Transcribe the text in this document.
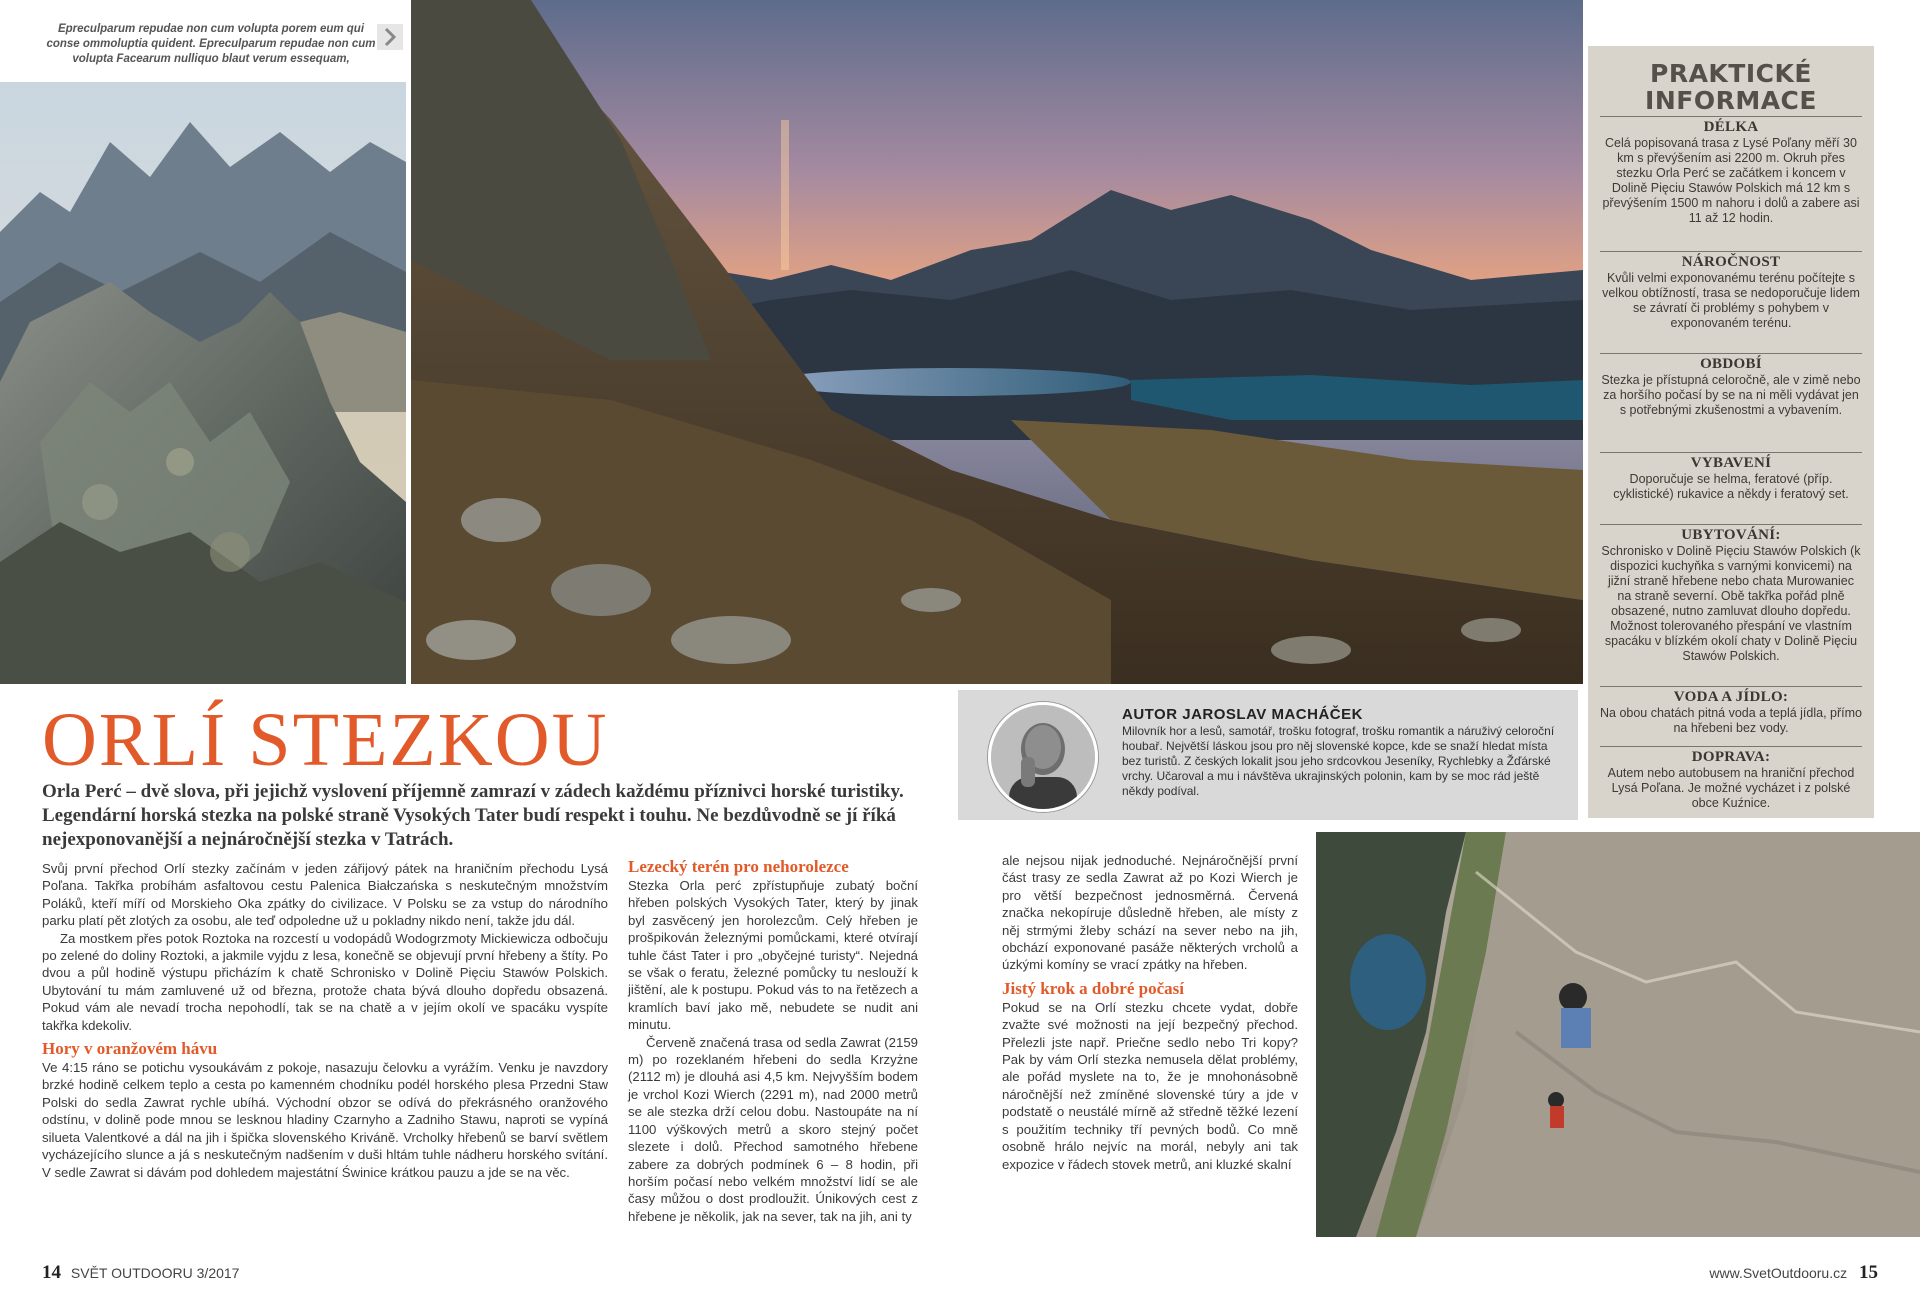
Epreculparum repudae non cum volupta porem eum qui conse ommoluptia quident. Epreculparum repudae non cum volupta Facearum nulliquo blaut verum essequam,	PRAKTICKÉ INFORMACE
DÉLKA

Celá popisovaná trasa z Lysé Poľany měří 30 km s převýšením asi 2200 m. Okruh přes stezku Orla Perć se začátkem i koncem v Dolině Pięciu Stawów Polskich má 12 km s převýšením 1500 m nahoru i dolů a zabere asi 11 až 12 hodin.

NÁROČNOST

Kvůli velmi exponovanému terénu počítejte s velkou obtížností, trasa se nedoporučuje lidem se závratí či problémy s pohybem v exponovaném terénu.

OBDOBÍ

Stezka je přístupná celoročně, ale v zimě nebo za horšího počasí by se na ni měli vydávat jen s potřebnými zkušenostmi a vybavením.

VYBAVENÍ

Doporučuje se helma, feratové (příp. cyklistické) rukavice a někdy i feratový set.

UBYTOVÁNÍ:

Schronisko v Dolině Pięciu Stawów Polskich (k dispozici kuchyňka s varnými konvicemi) na jižní straně hřebene nebo chata Murowaniec na straně severní. Obě takřka pořád plně obsazené, nutno zamluvat dlouho dopředu. Možnost tolerovaného přespání ve vlastním spacáku v blízkém okolí chaty v Dolině Pięciu Stawów Polskich.

VODA A JÍDLO:

Na obou chatách pitná voda a teplá jídla, přímo na hřebeni bez vody.

DOPRAVA:

Autem nebo autobusem na hraniční přechod Lysá Poľana. Je možné vycházet i z polské obce Kuźnice.

AUTOR JAROSLAV MACHÁČEK
Milovník hor a lesů, samotář, trošku fotograf, trošku romantik a náruživý celoroční houbař. Největší láskou jsou pro něj slovenské kopce, kde se snaží hledat místa bez turistů. Z českých lokalit jsou jeho srdcovkou Jeseníky, Rychlebky a Žďárské vrchy. Učaroval a mu i návštěva ukrajinských polonin, kam by se moc rád ještě někdy podíval.
ORLÍ STEZKOU
Orla Perć – dvě slova, při jejichž vyslovení příjemně zamrazí v zádech každému příznivci horské turistiky. Legendární horská stezka na polské straně Vysokých Tater budí respekt i touhu. Ne bezdůvodně se jí říká nejexponovanější a nejnáročnější stezka v Tatrách.

Svůj první přechod Orlí stezky začínám v jeden zářijový pátek na hraničním přechodu Lysá Poľana. Takřka probíhám asfaltovou cestu Palenica Białczańska s neskutečným množstvím Poláků, kteří míří od Morskieho Oka zpátky do civilizace. V Polsku se za vstup do národního parku platí pět zlotých za osobu, ale teď odpoledne už u pokladny nikdo není, takže jdu dál.

Za mostkem přes potok Roztoka na rozcestí u vodopádů Wodogrzmoty Mickiewicza odbočuju po zelené do doliny Roztoki, a jakmile vyjdu z lesa, konečně se objevují první hřebeny a štíty. Po dvou a půl hodině výstupu přicházím k chatě Schronisko v Dolině Pięciu Stawów Polskich. Ubytování tu mám zamluvené už od března, protože chata bývá dlouho dopředu obsazená. Pokud vám ale nevadí trocha nepohodlí, tak se na chatě a v jejím okolí ve spacáku vyspíte takřka kdekoliv.

Hory v oranžovém hávu

Ve 4:15 ráno se potichu vysoukávám z pokoje, nasazuju čelovku a vyrážím. Venku je navzdory brzké hodině celkem teplo a cesta po kamenném chodníku podél horského plesa Przedni Staw Polski do sedla Zawrat rychle ubíhá. Východní obzor se odívá do překrásného oranžového odstínu, v dolině pode mnou se lesknou hladiny Czarnyho a Zadniho Stawu, naproti se vypíná silueta Valentkové a dál na jih i špička slovenského Kriváně. Vrcholky hřebenů se barví světlem vycházejícího slunce a já s neskutečným nadšením v duši hltám tuhle nádheru horského svítání. V sedle Zawrat si dávám pod dohledem majestátní Świnice krátkou pauzu a jde se na věc.

Lezecký terén pro nehorolezce

Stezka Orla perć zpřístupňuje zubatý boční hřeben polských Vysokých Tater, který by jinak byl zasvěcený jen horolezcům. Celý hřeben je prošpikován železnými pomůckami, které otvírají tuhle část Tater i pro „obyčejné turisty“. Nejedná se však o feratu, železné pomůcky tu neslouží k jištění, ale k postupu. Pokud vás to na řetězech a kramlích baví jako mě, nebudete se nudit ani minutu.

Červeně značená trasa od sedla Zawrat (2159 m) po rozeklaném hřebeni do sedla Krzyżne (2112 m) je dlouhá asi 4,5 km. Nejvyšším bodem je vrchol Kozi Wierch (2291 m), nad 2000 metrů se ale stezka drží celou dobu. Nastoupáte na ní 1100 výškových metrů a skoro stejný počet slezete i dolů. Přechod samotného hřebene zabere za dobrých podmínek 6 – 8 hodin, při horším počasí nebo velkém množství lidí se ale časy můžou o dost prodloužit. Únikových cest z hřebene je několik, jak na sever, tak na jih, ani ty

ale nejsou nijak jednoduché. Nejnáročnější první část trasy ze sedla Zawrat až po Kozi Wierch je pro větší bezpečnost jednosměrná. Červená značka nekopíruje důsledně hřeben, ale místy z něj strmými žleby schází na sever nebo na jih, obchází exponované pasáže některých vrcholů a úzkými komíny se vrací zpátky na hřeben.

Jistý krok a dobré počasí

Pokud se na Orlí stezku chcete vydat, dobře zvažte své možnosti na její bezpečný přechod. Přelezli jste např. Priečne sedlo nebo Tri kopy? Pak by vám Orlí stezka nemusela dělat problémy, ale pořád myslete na to, že je mnohonásobně náročnější než zmíněné slovenské túry a jde v podstatě o neustálé mírně až středně těžké lezení s použitím techniky tří pevných bodů. Co mně osobně hrálo nejvíc na morál, nebyly ani tak expozice v řádech stovek metrů, ani kluzké skalní

14 SVĚT OUTDOORU 3/2017	www.SvetOutdooru.cz 15
